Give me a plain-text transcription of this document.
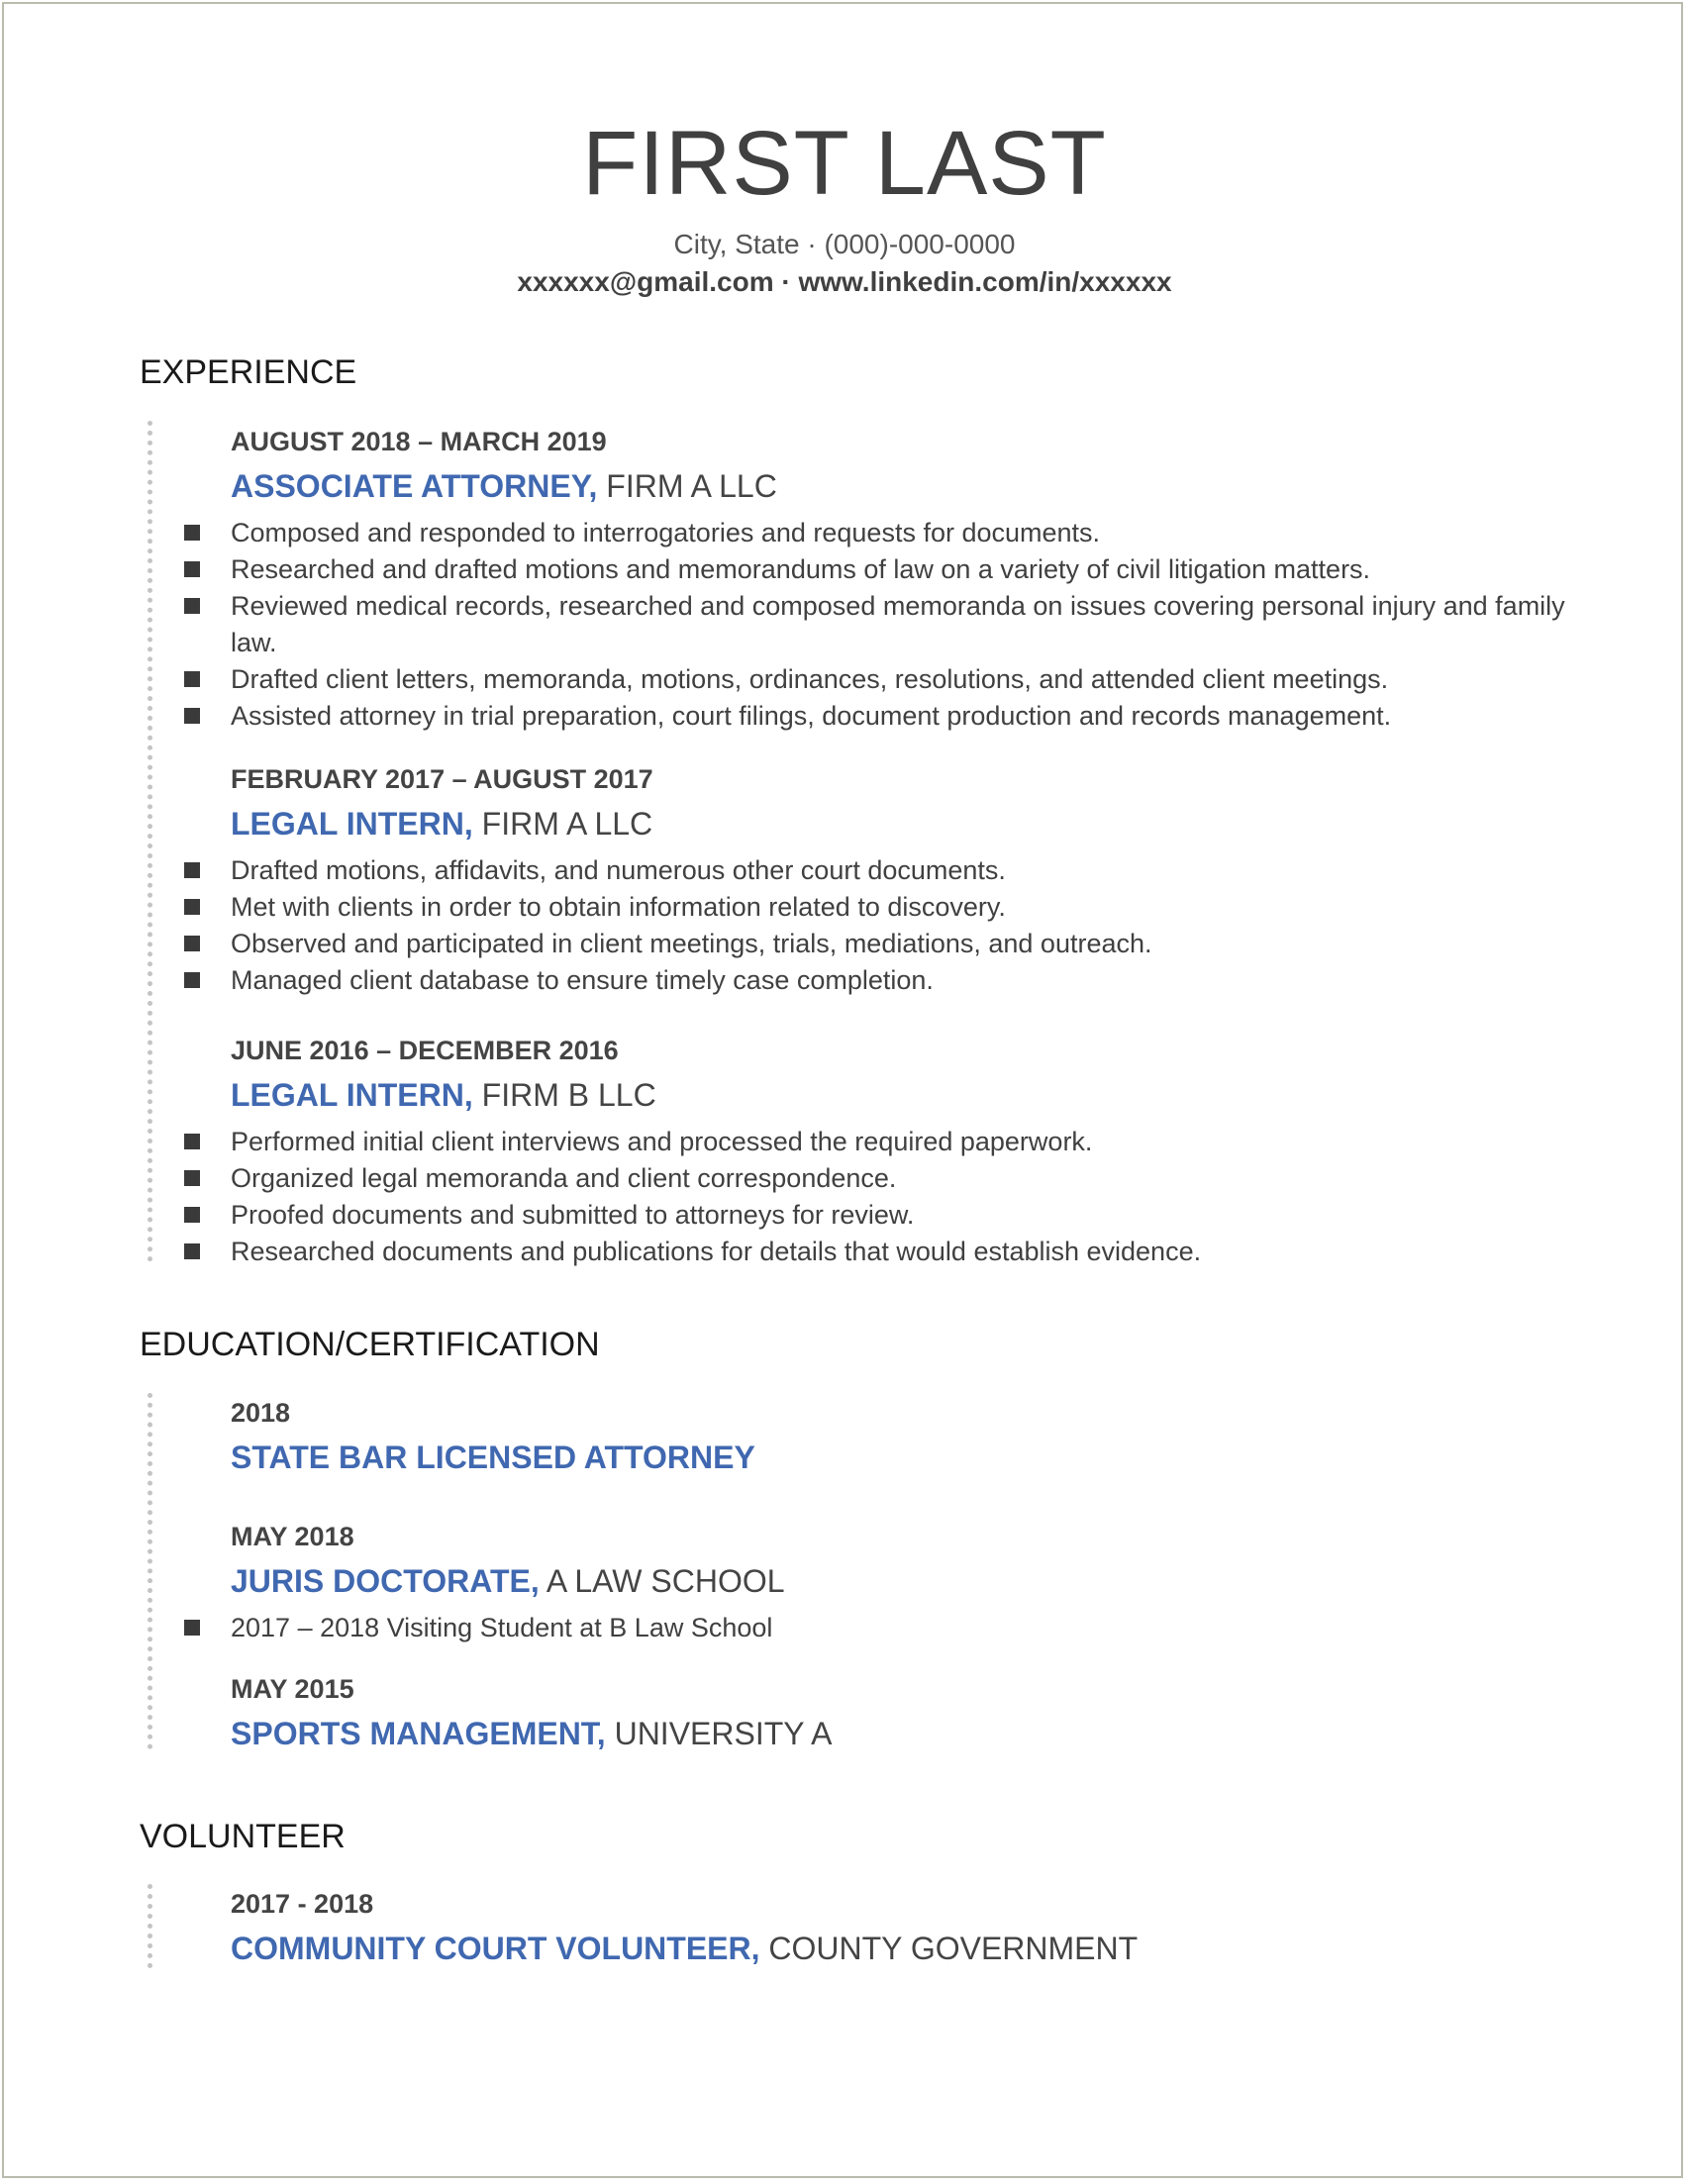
FIRST LAST
City, State · (000)-000-0000
xxxxxx@gmail.com · www.linkedin.com/in/xxxxxx
EXPERIENCE
AUGUST 2018 – MARCH 2019
ASSOCIATE ATTORNEY, FIRM A LLC
Composed and responded to interrogatories and requests for documents.
Researched and drafted motions and memorandums of law on a variety of civil litigation matters.
Reviewed medical records, researched and composed memoranda on issues covering personal injury and family law.
Drafted client letters, memoranda, motions, ordinances, resolutions, and attended client meetings.
Assisted attorney in trial preparation, court filings, document production and records management.
FEBRUARY 2017 – AUGUST 2017
LEGAL INTERN, FIRM A LLC
Drafted motions, affidavits, and numerous other court documents.
Met with clients in order to obtain information related to discovery.
Observed and participated in client meetings, trials, mediations, and outreach.
Managed client database to ensure timely case completion.
JUNE 2016 – DECEMBER 2016
LEGAL INTERN, FIRM B LLC
Performed initial client interviews and processed the required paperwork.
Organized legal memoranda and client correspondence.
Proofed documents and submitted to attorneys for review.
Researched documents and publications for details that would establish evidence.
EDUCATION/CERTIFICATION
2018
STATE BAR LICENSED ATTORNEY
MAY 2018
JURIS DOCTORATE, A LAW SCHOOL
2017 – 2018 Visiting Student at B Law School
MAY 2015
SPORTS MANAGEMENT, UNIVERSITY A
VOLUNTEER
2017 - 2018
COMMUNITY COURT VOLUNTEER, COUNTY GOVERNMENT
